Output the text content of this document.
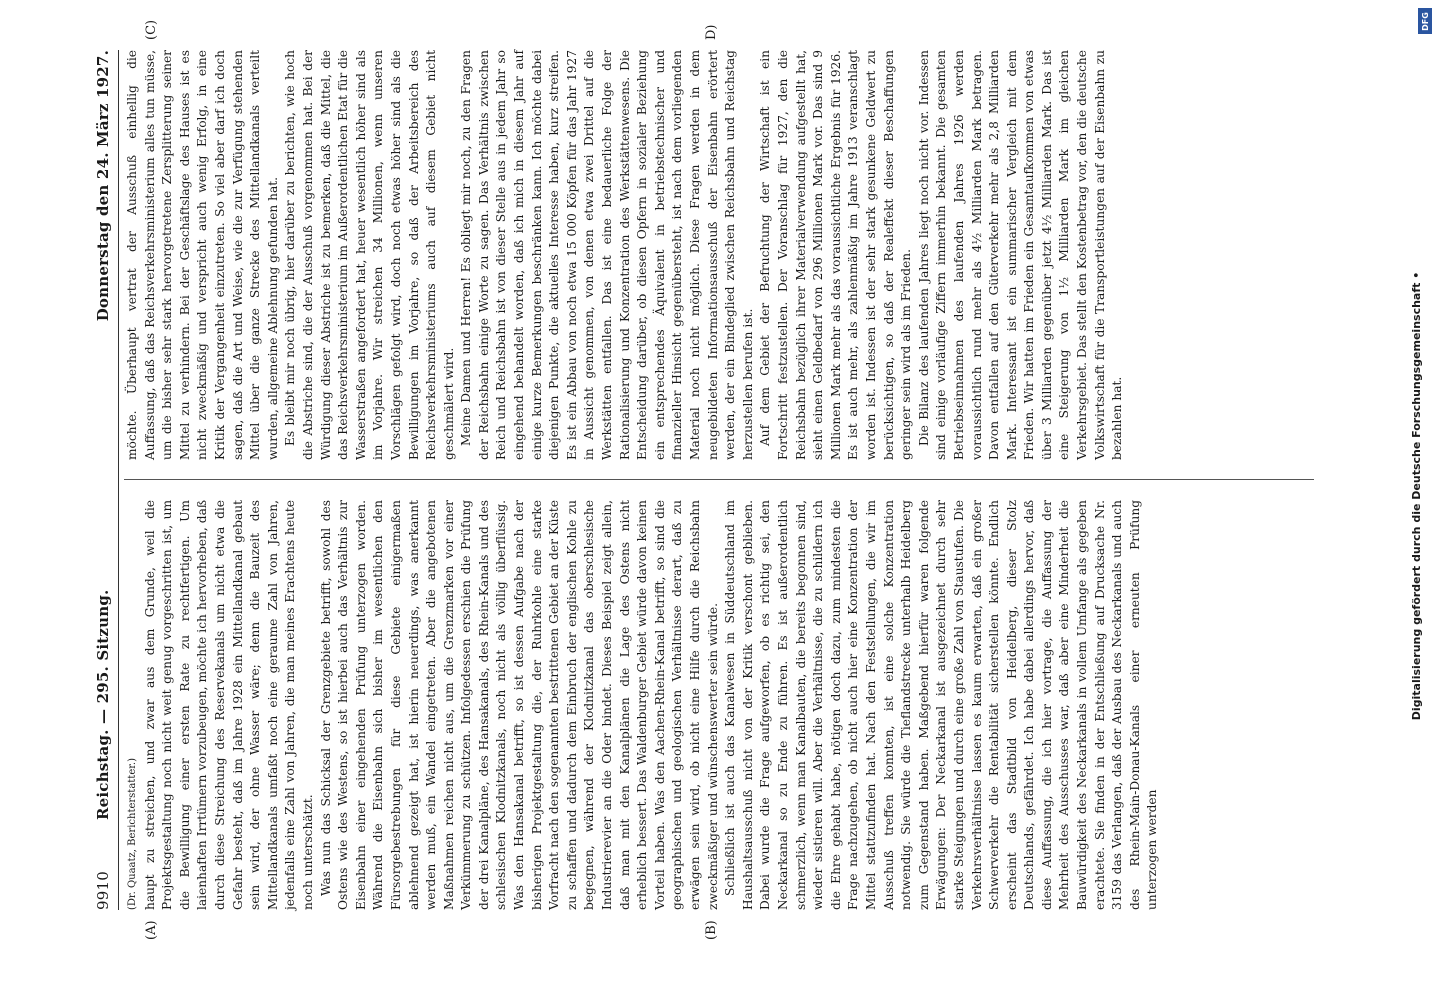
9910
Reichstag. — 295. Sitzung.
Donnerstag den 24. März 1927.
(A)	(B)
(C)	D)

(Dr. Quaatz, Berichterstatter.) haupt zu streichen, und zwar aus dem Grunde, weil die Projektsgestaltung noch nicht weit genug vorgeschritten ist, um die Bewilligung einer ersten Rate zu rechtfertigen. Um laienhaften Irrtümern vorzubeugen, möchte ich hervorheben, daß durch diese Streichung des Reservekanals um nicht etwa die Gefahr besteht, daß im Jahre 1928 ein Mittellandkanal gebaut sein wird, der ohne Wasser wäre; denn die Bauzeit des Mittellandkanals umfaßt noch eine geraume Zahl von Jahren, jedenfalls eine Zahl von Jahren, die man meines Erachtens heute noch unterschätzt. Was nun das Schicksal der Grenzgebiete betrifft, sowohl des Ostens wie des Westens, so ist hierbei auch das Verhältnis zur Eisenbahn einer eingehenden Prüfung unterzogen worden. Während die Eisenbahn sich bisher im wesentlichen den Fürsorgebestrebungen für diese Gebiete einigermaßen ablehnend gezeigt hat, ist hierin neuerdings, was anerkannt werden muß, ein Wandel eingetreten. Aber die angebotenen Maßnahmen reichen nicht aus, um die Grenzmarken vor einer Verkümmerung zu schützen. Infolgedessen erschien die Prüfung der drei Kanalpläne, des Hansakanals, des Rhein-Kanals und des schlesischen Klodnitzkanals, noch nicht als völlig überflüssig. Was den Hansakanal betrifft, so ist dessen Aufgabe nach der bisherigen Projektgestaltung die, der Ruhrkohle eine starke Vorfracht nach den sogenannten bestrittenen Gebiet an der Küste zu schaffen und dadurch dem Einbruch der englischen Kohle zu begegnen, während der Klodnitzkanal das oberschlesische Industrierevier an die Oder bindet. Dieses Beispiel zeigt allein, daß man mit den Kanalplänen die Lage des Ostens nicht erheblich bessert. Das Waldenburger Gebiet würde davon keinen Vorteil haben. Was den Aachen-Rhein-Kanal betrifft, so sind die geographischen und geologischen Verhältnisse derart, daß zu erwägen sein wird, ob nicht eine Hilfe durch die Reichsbahn zweckmäßiger und wünschenswerter sein würde. Schließlich ist auch das Kanalwesen in Süddeutschland im Haushaltsausschuß nicht von der Kritik verschont geblieben. Dabei wurde die Frage aufgeworfen, ob es richtig sei, den Neckarkanal so zu Ende zu führen. Es ist außerordentlich schmerzlich, wenn man Kanalbauten, die bereits begonnen sind, wieder sistieren will. Aber die Verhältnisse, die zu schildern ich die Ehre gehabt habe, nötigen doch dazu, zum mindesten die Frage nachzugehen, ob nicht auch hier eine Konzentration der Mittel stattzufinden hat. Nach den Feststellungen, die wir im Ausschuß treffen konnten, ist eine solche Konzentration notwendig. Sie würde die Tieflandstrecke unterhalb Heidelberg zum Gegenstand haben. Maßgebend hierfür waren folgende Erwägungen: Der Neckarkanal ist ausgezeichnet durch sehr starke Steigungen und durch eine große Zahl von Staustufen. Die Verkehrsverhältnisse lassen es kaum erwarten, daß ein großer Schwerverkehr die Rentabilität sicherstellen könnte. Endlich erscheint das Stadtbild von Heidelberg, dieser Stolz Deutschlands, gefährdet. Ich habe dabei allerdings hervor, daß diese Auffassung, die ich hier vortrage, die Auffassung der Mehrheit des Ausschusses war, daß aber eine Minderheit die Bauwürdigkeit des Neckarkanals in vollem Umfange als gegeben erachtete. Sie finden in der Entschließung auf Drucksache Nr. 3159 das Verlangen, daß der Ausbau des Neckarkanals und auch des Rhein-Main-Donau-Kanals einer erneuten Prüfung unterzogen werden

möchte. Überhaupt vertrat der Ausschuß einhellig die Auffassung, daß das Reichsverkehrsministerium alles tun müsse, um die bisher sehr stark hervorgetretene Zersplitterung seiner Mittel zu verhindern. Bei der Geschäftslage des Hauses ist es nicht zweckmäßig und verspricht auch wenig Erfolg, in eine Kritik der Vergangenheit einzutreten. So viel aber darf ich doch sagen, daß die Art und Weise, wie die zur Verfügung stehenden Mittel über die ganze Strecke des Mittellandkanals verteilt wurden, allgemeine Ablehnung gefunden hat. Es bleibt mir noch übrig, hier darüber zu berichten, wie hoch die Abstriche sind, die der Ausschuß vorgenommen hat. Bei der Würdigung dieser Abstriche ist zu bemerken, daß die Mittel, die das Reichsverkehrsministerium im Außerordentlichen Etat für die Wasserstraßen angefordert hat, heuer wesentlich höher sind als im Vorjahre. Wir streichen 34 Millionen, wenn unseren Vorschlägen gefolgt wird, doch noch etwas höher sind als die Bewilligungen im Vorjahre, so daß der Arbeitsbereich des Reichsverkehrsministeriums auch auf diesem Gebiet nicht geschmälert wird. Meine Damen und Herren! Es obliegt mir noch, zu den Fragen der Reichsbahn einige Worte zu sagen. Das Verhältnis zwischen Reich und Reichsbahn ist von dieser Stelle aus in jedem Jahr so eingehend behandelt worden, daß ich mich in diesem Jahr auf einige kurze Bemerkungen beschränken kann. Ich möchte dabei diejenigen Punkte, die aktuelles Interesse haben, kurz streifen. Es ist ein Abbau von noch etwa 15 000 Köpfen für das Jahr 1927 in Aussicht genommen, von denen etwa zwei Drittel auf die Werkstätten entfallen. Das ist eine bedauerliche Folge der Rationalisierung und Konzentration des Werkstättenwesens. Die Entscheidung darüber, ob diesen Opfern in sozialer Beziehung ein entsprechendes Äquivalent in betriebstechnischer und finanzieller Hinsicht gegenübersteht, ist nach dem vorliegenden Material noch nicht möglich. Diese Fragen werden in dem neugebildeten Informationsausschuß der Eisenbahn erörtert werden, der ein Bindeglied zwischen Reichsbahn und Reichstag herzustellen berufen ist. Auf dem Gebiet der Befruchtung der Wirtschaft ist ein Fortschritt festzustellen. Der Voranschlag für 1927, den die Reichsbahn bezüglich ihrer Materialverwendung aufgestellt hat, sieht einen Geldbedarf von 296 Millionen Mark vor. Das sind 9 Millionen Mark mehr als das voraussichtliche Ergebnis für 1926. Es ist auch mehr, als zahlenmäßig im Jahre 1913 veranschlagt worden ist. Indessen ist der sehr stark gesunkene Geldwert zu berücksichtigen, so daß der Realeffekt dieser Beschaffungen geringer sein wird als im Frieden. Die Bilanz des laufenden Jahres liegt noch nicht vor. Indessen sind einige vorläufige Ziffern immerhin bekannt. Die gesamten Betriebseinnahmen des laufenden Jahres 1926 werden voraussichtlich rund mehr als 4½ Milliarden Mark betragen. Davon entfallen auf den Güterverkehr mehr als 2,8 Milliarden Mark. Interessant ist ein summarischer Vergleich mit dem Frieden. Wir hatten im Frieden ein Gesamtaufkommen von etwas über 3 Milliarden gegenüber jetzt 4½ Milliarden Mark. Das ist eine Steigerung von 1½ Milliarden Mark im gleichen Verkehrsgebiet. Das stellt den Kostenbetrag vor, den die deutsche Volkswirtschaft für die Transportleistungen auf der Eisenbahn zu bezahlen hat.	Digitalisierung gefördert durch die Deutsche Forschungsgemeinschaft •
DFG
